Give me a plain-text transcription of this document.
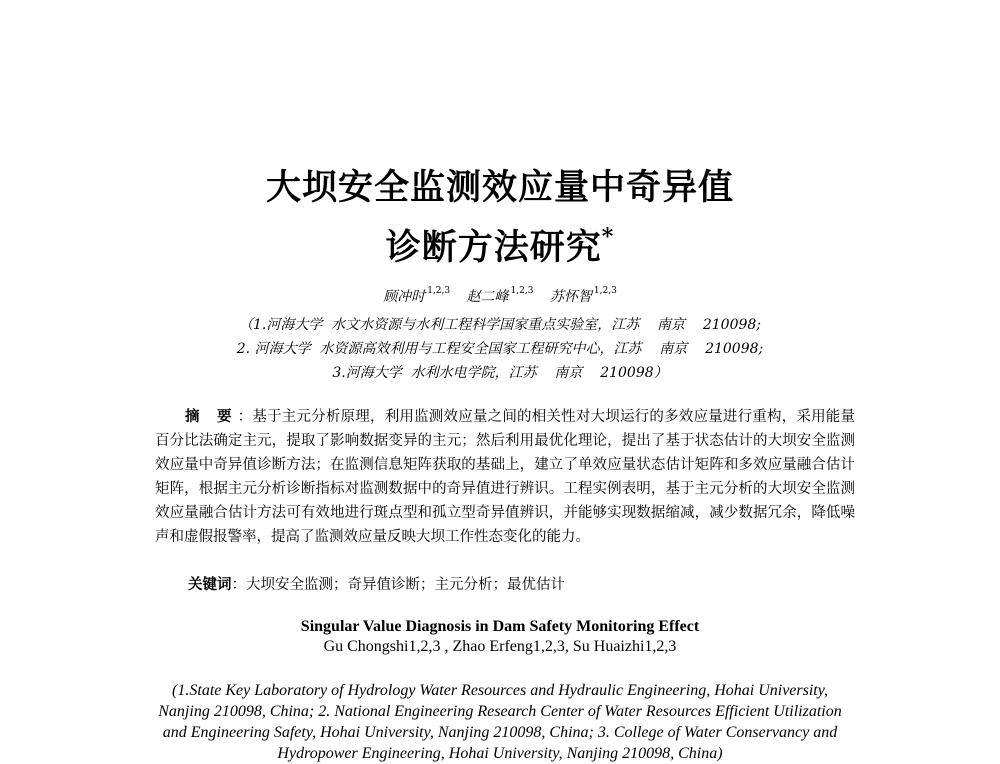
大坝安全监测效应量中奇异值
诊断方法研究*
顾冲时 $^{1,2,3}$ 赵二峰 $^{1,2,3}$ 苏怀智 $^{1,2,3}$
（1.河海大学  水文水资源与水利工程科学国家重点实验室，江苏    南京    210098;
2. 河海大学  水资源高效利用与工程安全国家工程研究中心，江苏    南京    210098;
3.河海大学  水利水电学院，江苏    南京    210098）
摘 要：基于主元分析原理，利用监测效应量之间的相关性对大坝运行的多效应量进行重构，采用能量百分比法确定主元，提取了影响数据变异的主元；然后利用最优化理论，提出了基于状态估计的大坝安全监测效应量中奇异值诊断方法；在监测信息矩阵获取的基础上，建立了单效应量状态估计矩阵和多效应量融合估计矩阵，根据主元分析诊断指标对监测数据中的奇异值进行辨识。工程实例表明，基于主元分析的大坝安全监测效应量融合估计方法可有效地进行斑点型和孤立型奇异值辨识，并能够实现数据缩减，减少数据冗余，降低噪声和虚假报警率，提高了监测效应量反映大坝工作性态变化的能力。
关键词：大坝安全监测；奇异值诊断；主元分析；最优估计
Singular Value Diagnosis in Dam Safety Monitoring Effect
Gu Chongshi1,2,3 , Zhao Erfeng1,2,3, Su Huaizhi1,2,3
(1.State Key Laboratory of Hydrology Water Resources and Hydraulic Engineering, Hohai University, Nanjing 210098, China; 2. National Engineering Research Center of Water Resources Efficient Utilization and Engineering Safety, Hohai University, Nanjing 210098, China; 3. College of Water Conservancy and Hydropower Engineering, Hohai University, Nanjing 210098, China)
